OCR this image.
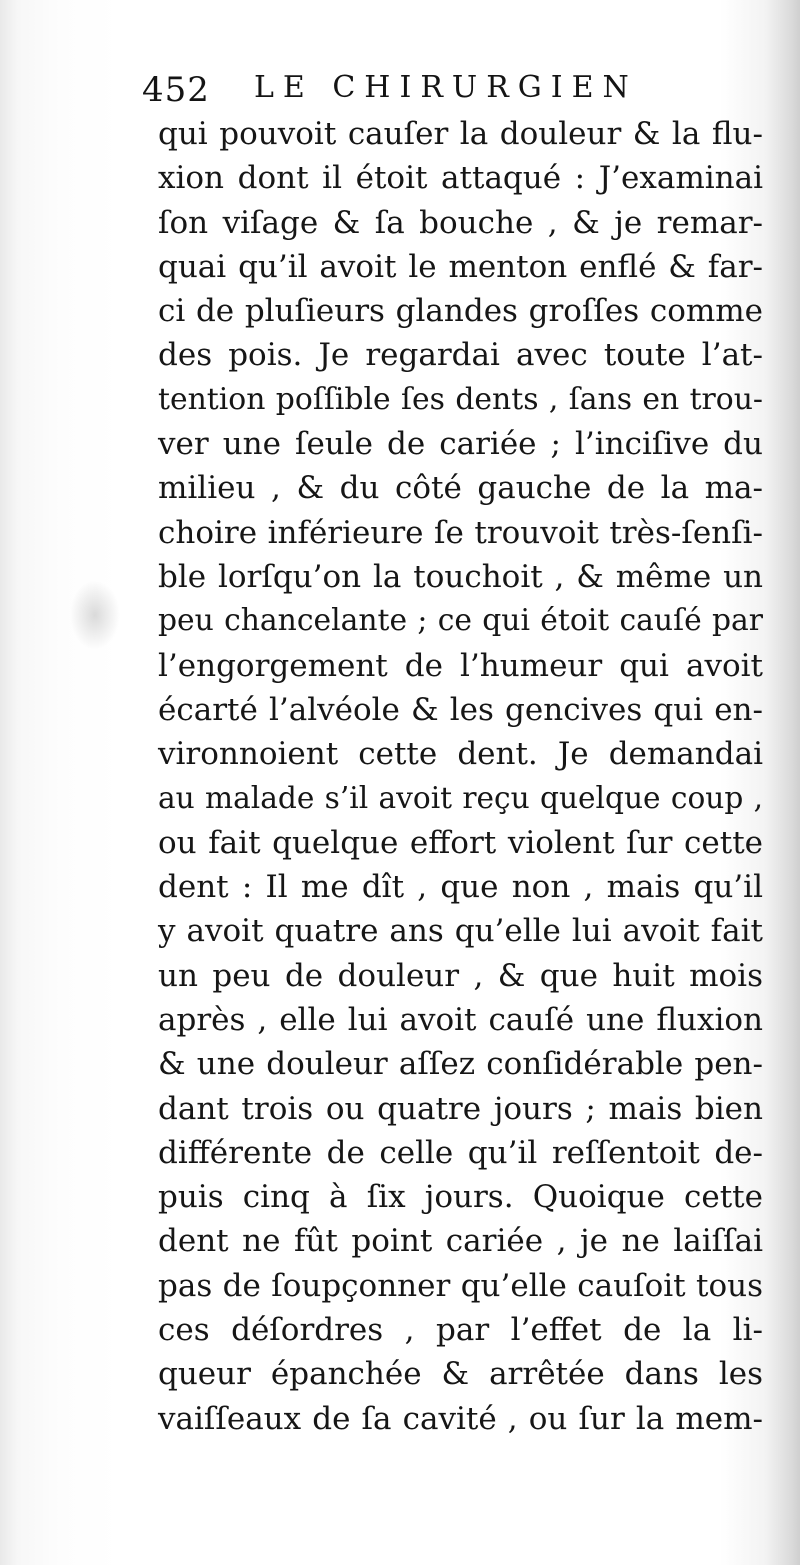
452 LE CHIRURGIEN
qui pouvoit cauſer la douleur & la flu-
xion dont il étoit attaqué : J’examinai
ſon viſage & ſa bouche , & je remar-
quai qu’il avoit le menton enflé & far-
ci de pluſieurs glandes groſſes comme
des pois. Je regardai avec toute l’at-
tention poſſible ſes dents , ſans en trou-
ver une ſeule de cariée ; l’inciſive du
milieu , & du côté gauche de la ma-
choire inférieure ſe trouvoit très-ſenſi-
ble lorſqu’on la touchoit , & même un
peu chancelante ; ce qui étoit cauſé par
l’engorgement de l’humeur qui avoit
écarté l’alvéole & les gencives qui en-
vironnoient cette dent. Je demandai
au malade s’il avoit reçu quelque coup ,
ou fait quelque effort violent ſur cette
dent : Il me dît , que non , mais qu’il
y avoit quatre ans qu’elle lui avoit fait
un peu de douleur , & que huit mois
après , elle lui avoit cauſé une fluxion
& une douleur aſſez conſidérable pen-
dant trois ou quatre jours ; mais bien
différente de celle qu’il reſſentoit de-
puis cinq à ſix jours. Quoique cette
dent ne fût point cariée , je ne laiſſai
pas de ſoupçonner qu’elle cauſoit tous
ces déſordres , par l’effet de la li-
queur épanchée & arrêtée dans les
vaiſſeaux de ſa cavité , ou ſur la mem-
